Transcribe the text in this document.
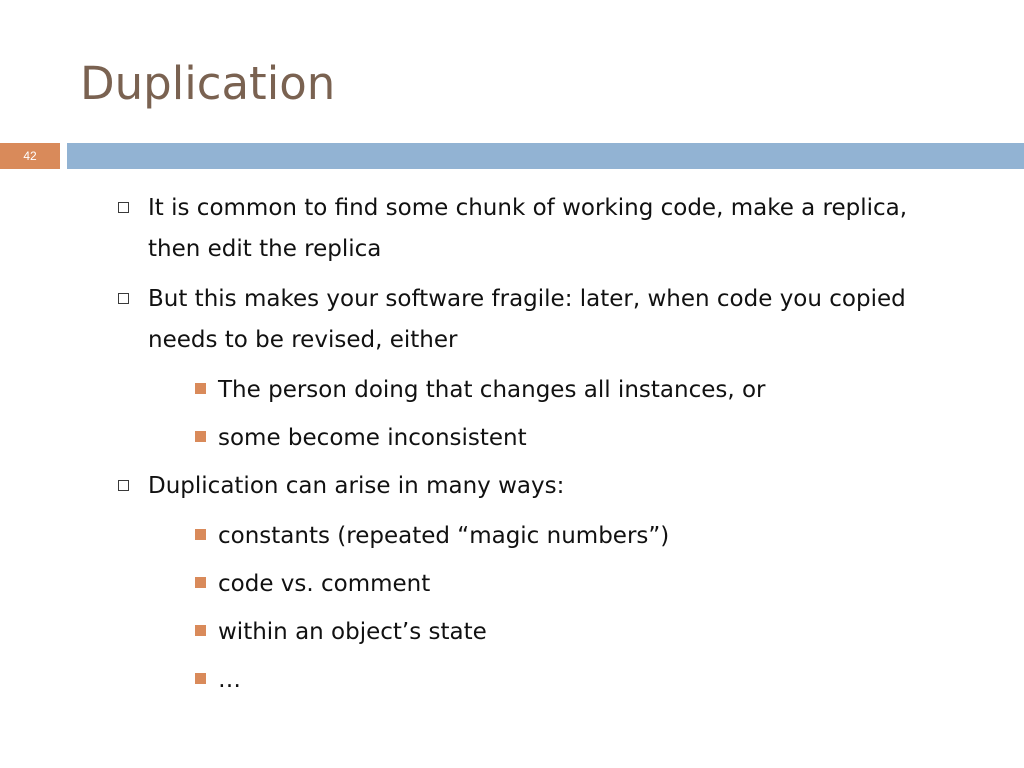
Duplication
42
It is common to find some chunk of working code, make a replica, then edit the replica
But this makes your software fragile: later, when code you copied needs to be revised, either
The person doing that changes all instances, or
some become inconsistent
Duplication can arise in many ways:
constants (repeated “magic numbers”)
code vs. comment
within an object’s state
…
